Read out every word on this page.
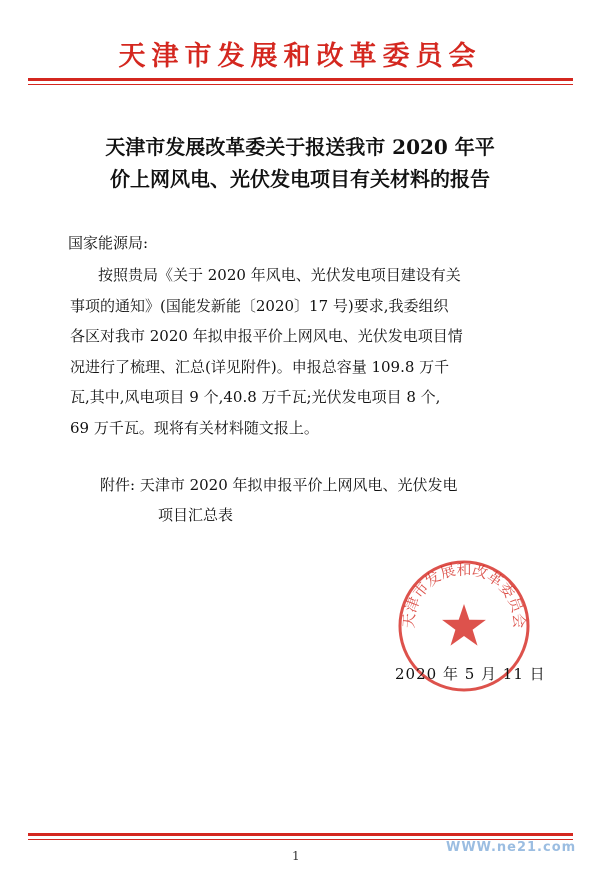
天津市发展和改革委员会
天津市发展改革委关于报送我市 2020 年平
价上网风电、光伏发电项目有关材料的报告
国家能源局:
按照贵局《关于 2020 年风电、光伏发电项目建设有关
事项的通知》(国能发新能〔2020〕17 号)要求,我委组织
各区对我市 2020 年拟申报平价上网风电、光伏发电项目情
况进行了梳理、汇总(详见附件)。申报总容量 109.8 万千
瓦,其中,风电项目 9 个,40.8 万千瓦;光伏发电项目 8 个,
69 万千瓦。现将有关材料随文报上。
附件: 天津市 2020 年拟申报平价上网风电、光伏发电
项目汇总表
天津市发展和改革委员会
2020 年 5 月 11 日
1
WWW.ne21.com
